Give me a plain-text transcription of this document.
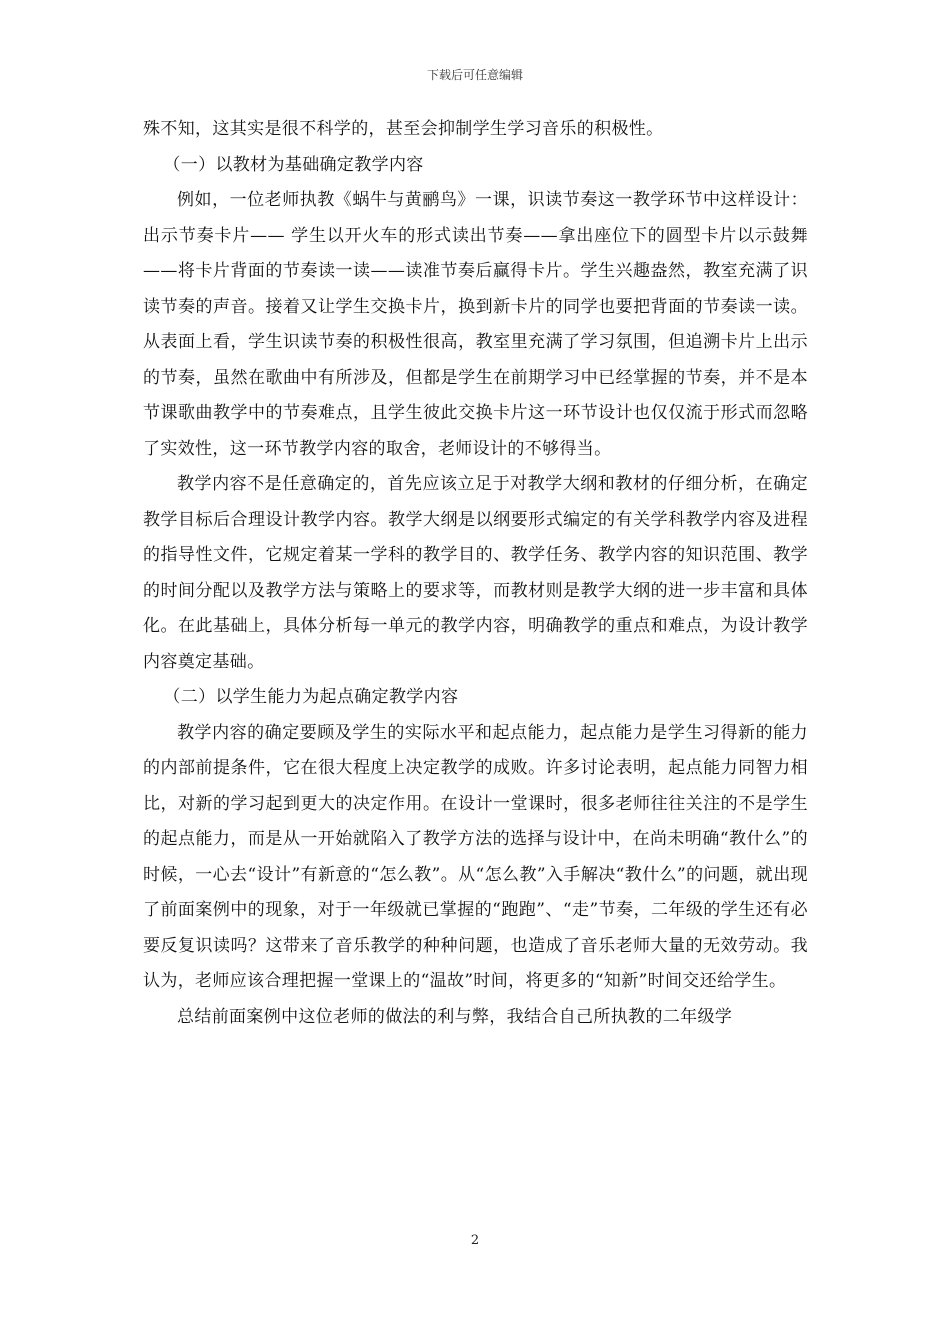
下载后可任意编辑

殊不知，这其实是很不科学的，甚至会抑制学生学习音乐的积极性。

（一）以教材为基础确定教学内容

例如，一位老师执教《蜗牛与黄鹂鸟》一课，识读节奏这一教学环节中这样设计：出示节奏卡片—— 学生以开火车的形式读出节奏——拿出座位下的圆型卡片以示鼓舞——将卡片背面的节奏读一读——读准节奏后赢得卡片。学生兴趣盎然，教室充满了识读节奏的声音。接着又让学生交换卡片，换到新卡片的同学也要把背面的节奏读一读。从表面上看，学生识读节奏的积极性很高，教室里充满了学习氛围，但追溯卡片上出示的节奏，虽然在歌曲中有所涉及，但都是学生在前期学习中已经掌握的节奏，并不是本节课歌曲教学中的节奏难点，且学生彼此交换卡片这一环节设计也仅仅流于形式而忽略了实效性，这一环节教学内容的取舍，老师设计的不够得当。

教学内容不是任意确定的，首先应该立足于对教学大纲和教材的仔细分析，在确定教学目标后合理设计教学内容。教学大纲是以纲要形式编定的有关学科教学内容及进程的指导性文件，它规定着某一学科的教学目的、教学任务、教学内容的知识范围、教学的时间分配以及教学方法与策略上的要求等，而教材则是教学大纲的进一步丰富和具体化。在此基础上，具体分析每一单元的教学内容，明确教学的重点和难点，为设计教学内容奠定基础。

（二）以学生能力为起点确定教学内容

教学内容的确定要顾及学生的实际水平和起点能力，起点能力是学生习得新的能力的内部前提条件，它在很大程度上决定教学的成败。许多讨论表明，起点能力同智力相比，对新的学习起到更大的决定作用。在设计一堂课时，很多老师往往关注的不是学生的起点能力，而是从一开始就陷入了教学方法的选择与设计中，在尚未明确“教什么”的时候，一心去“设计”有新意的“怎么教”。从“怎么教”入手解决“教什么”的问题，就出现了前面案例中的现象，对于一年级就已掌握的“跑跑”、“走”节奏，二年级的学生还有必要反复识读吗？这带来了音乐教学的种种问题，也造成了音乐老师大量的无效劳动。我认为，老师应该合理把握一堂课上的“温故”时间，将更多的“知新”时间交还给学生。

总结前面案例中这位老师的做法的利与弊，我结合自己所执教的二年级学

2
